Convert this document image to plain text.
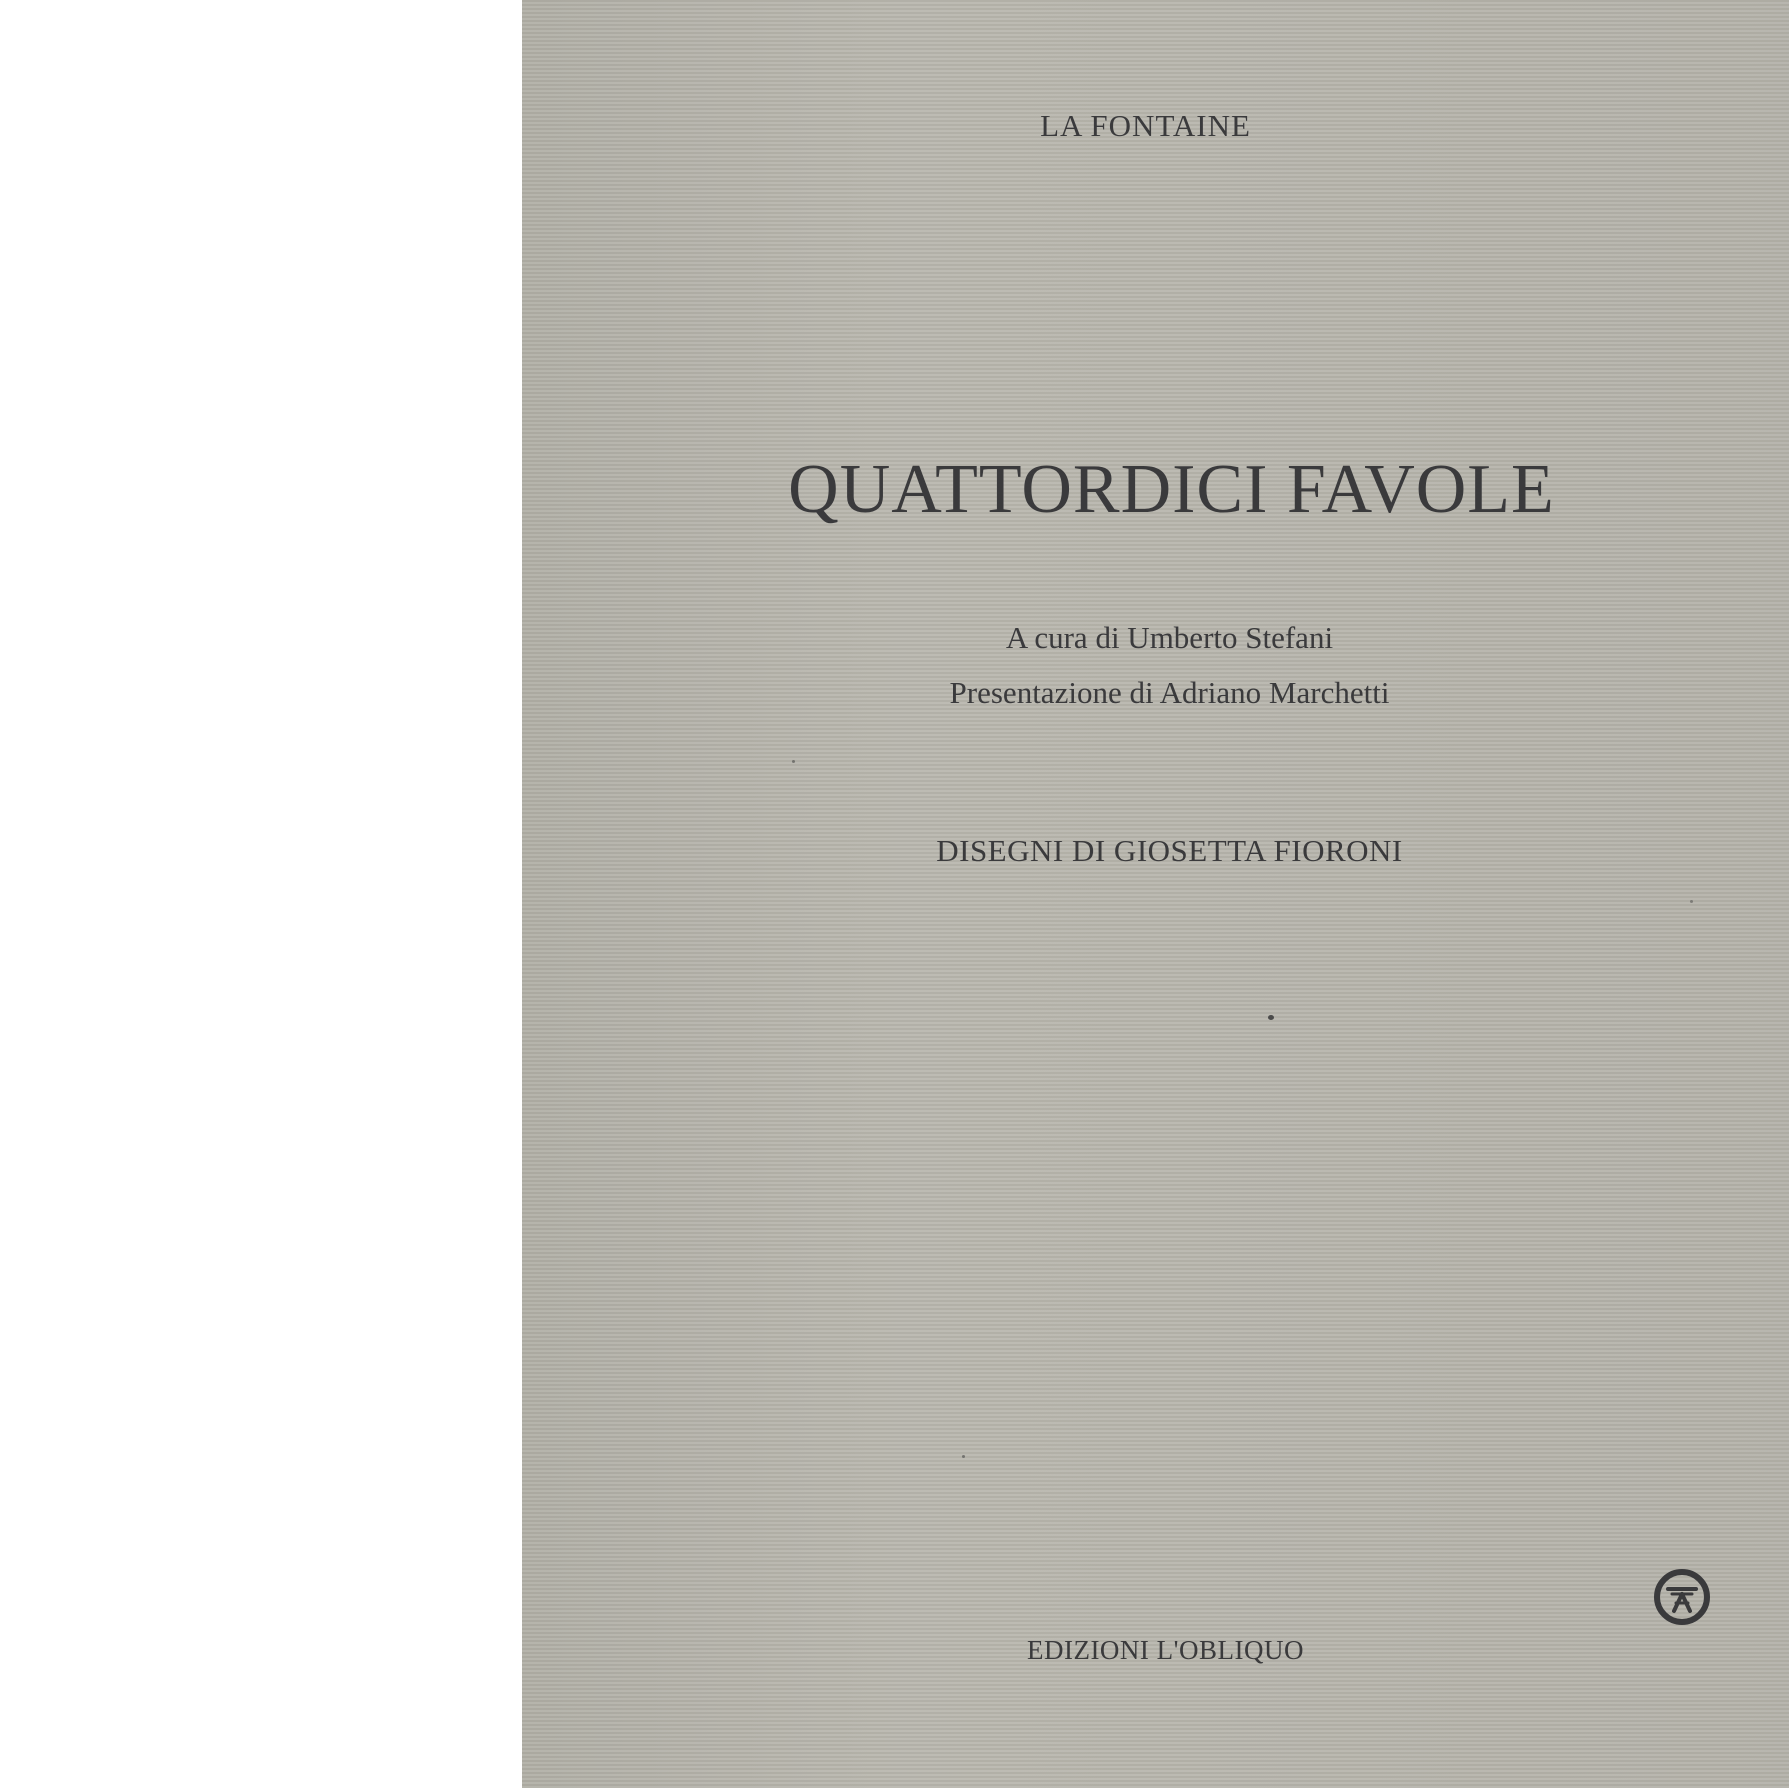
LA FONTAINE

QUATTORDICI FAVOLE

A cura di Umberto Stefani

Presentazione di Adriano Marchetti

DISEGNI DI GIOSETTA FIORONI

EDIZIONI L'OBLIQUO
